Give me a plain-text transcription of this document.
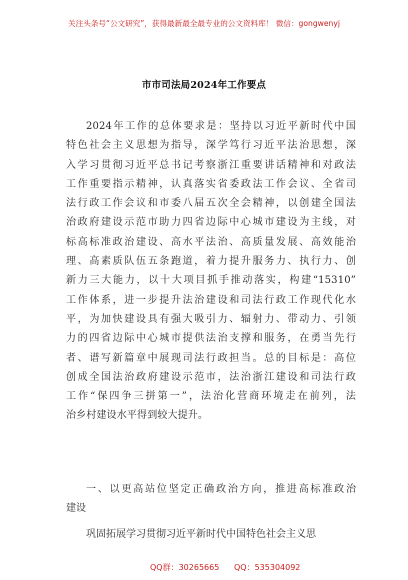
关注头条号“公文研究”，获得最新最全最专业的公文资料库！ 微信：gongwenyj
市市司法局2024年工作要点
2024年工作的总体要求是：坚持以习近平新时代中国
特色社会主义思想为指导，深学笃行习近平法治思想，深
入学习贯彻习近平总书记考察浙江重要讲话精神和对政法
工作重要指示精神，认真落实省委政法工作会议、全省司
法行政工作会议和市委八届五次全会精神，以创建全国法
治政府建设示范市助力四省边际中心城市建设为主线，对
标高标准政治建设、高水平法治、高质量发展、高效能治
理、高素质队伍五条跑道，着力提升服务力、执行力、创
新力三大能力，以十大项目抓手推动落实，构建“15310”
工作体系，进一步提升法治建设和司法行政工作现代化水
平，为加快建设具有强大吸引力、辐射力、带动力、引领
力的四省边际中心城市提供法治支撑和服务，在勇当先行
者、谱写新篇章中展现司法行政担当。总的目标是：高位
创成全国法治政府建设示范市，法治浙江建设和司法行政
工作“保四争三拼第一”，法治化营商环境走在前列，法
治乡村建设水平得到较大提升。
一、以更高站位坚定正确政治方向，推进高标准政治
建设
巩固拓展学习贯彻习近平新时代中国特色社会主义思
QQ群：30265665 QQ：535304092
